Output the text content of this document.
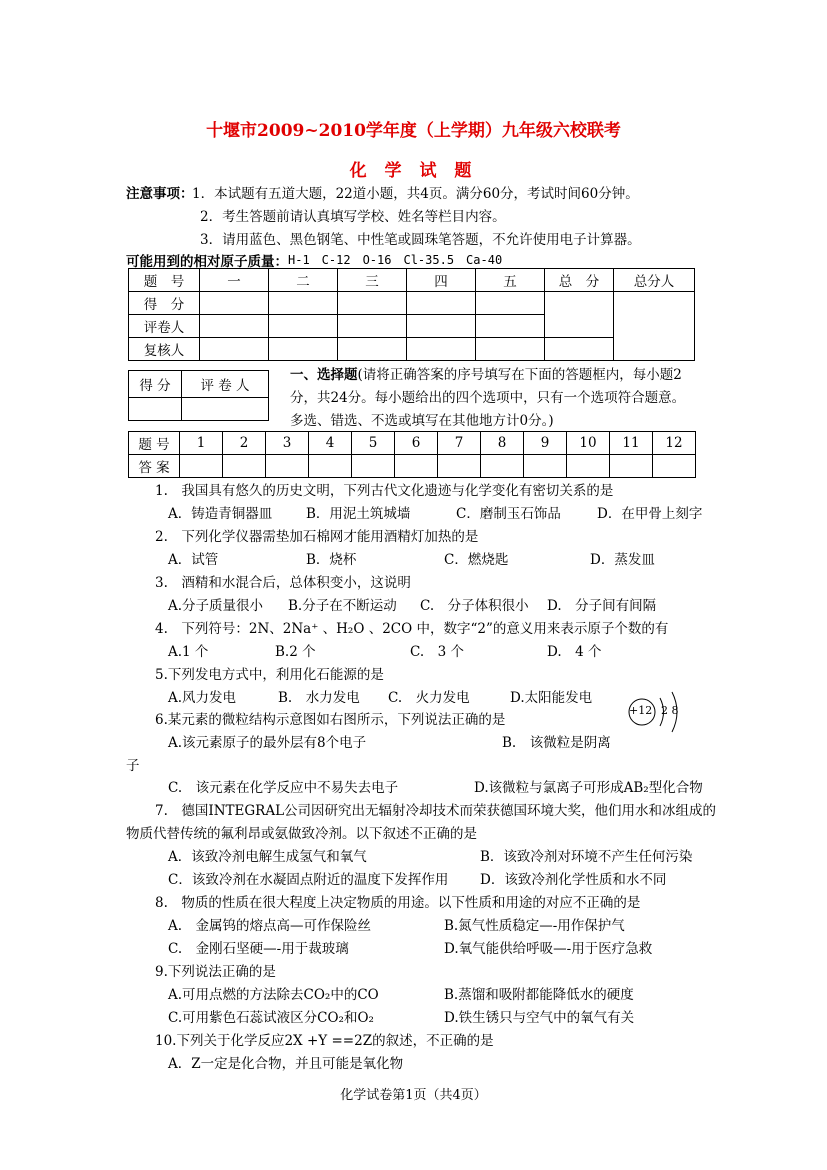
十堰市2009~2010学年度（上学期）九年级六校联考
化 学 试 题
注意事项：
1．本试题有五道大题，22道小题，共4页。满分60分，考试时间60分钟。
2．考生答题前请认真填写学校、姓名等栏目内容。
3．请用蓝色、黑色钢笔、中性笔或圆珠笔答题，不允许使用电子计算器。
可能用到的相对原子质量： H-1　C-12　O-16　Cl-35.5　Ca-40
题　号	一	二	三	四	五	总　分	总分人
得　分							
评卷人							
复核人							
得 分	评 卷 人

一、选择题(请将正确答案的序号填写在下面的答题框内，每小题2
分，共24分。每小题给出的四个选项中，只有一个选项符合题意。
多选、错选、不选或填写在其他地方计0分。)
题 号	1	2	3	4	5	6	7	8	9	10	11	12
答 案												
1.　我国具有悠久的历史文明，下列古代文化遗迹与化学变化有密切关系的是
A．铸造青铜器皿	B．用泥土筑城墙	C．磨制玉石饰品	D．在甲骨上刻字
2.　下列化学仪器需垫加石棉网才能用酒精灯加热的是
A．试管	B．烧杯	C．燃烧匙	D．蒸发皿
3.　酒精和水混合后，总体积变小，这说明
A.分子质量很小 B.分子在不断运动 C.　分子体积很小 D.　分子间有间隔
4.　下列符号：2N、2Na⁺ 、H₂O 、2CO 中，数字“2”的意义用来表示原子个数的有
A.1 个	B.2 个	C.　3 个	D.　4 个
5.下列发电方式中，利用化石能源的是
A.风力发电	B.　水力发电 C.　火力发电	D.太阳能发电
6.某元素的微粒结构示意图如右图所示，下列说法正确的是
A.该元素原子的最外层有8个电子	B.　该微粒是阴离
子
C.　该元素在化学反应中不易失去电子	D.该微粒与氯离子可形成AB₂型化合物
+12 2 8
7.　德国INTEGRAL公司因研究出无辐射冷却技术而荣获德国环境大奖，他们用水和冰组成的
物质代替传统的氟利昂或氨做致冷剂。以下叙述不正确的是
A．该致冷剂电解生成氢气和氧气	B．该致冷剂对环境不产生任何污染
C．该致冷剂在水凝固点附近的温度下发挥作用 D．该致冷剂化学性质和水不同
8.　物质的性质在很大程度上决定物质的用途。以下性质和用途的对应不正确的是
A.　金属钨的熔点高—可作保险丝	B.氮气性质稳定—-用作保护气
C.　金刚石坚硬—-用于裁玻璃	D.氧气能供给呼吸—-用于医疗急救
9.下列说法正确的是
A.可用点燃的方法除去CO₂中的CO	B.蒸馏和吸附都能降低水的硬度
C.可用紫色石蕊试液区分CO₂和O₂	D.铁生锈只与空气中的氧气有关
10.下列关于化学反应2X +Y ==2Z的叙述，不正确的是
A．Z一定是化合物，并且可能是氧化物
化学试卷第1页（共4页）
